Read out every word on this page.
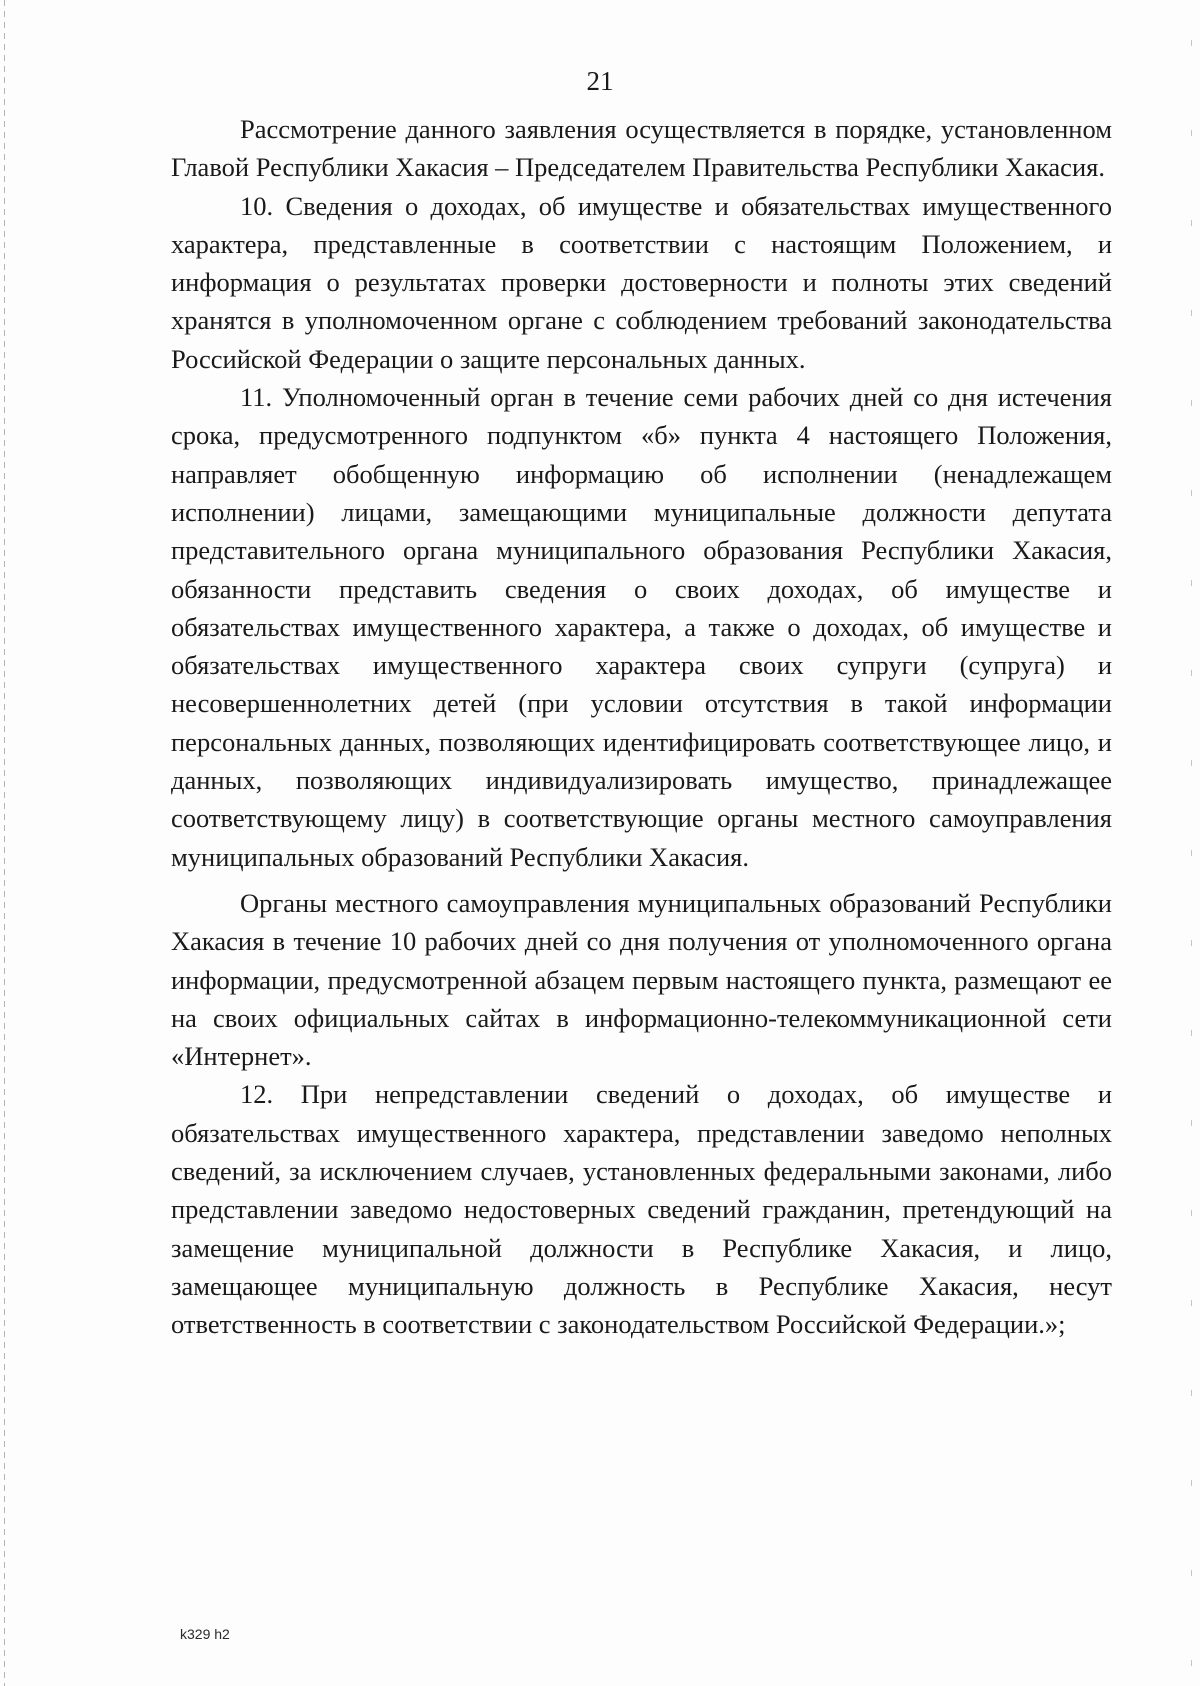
21

Рассмотрение данного заявления осуществляется в порядке, установленном Главой Республики Хакасия – Председателем Правительства Республики Хакасия.

10. Сведения о доходах, об имуществе и обязательствах имущественного характера, представленные в соответствии с настоящим Положением, и информация о результатах проверки достоверности и полноты этих сведений хранятся в уполномоченном органе с соблюдением требований законодательства Российской Федерации о защите персональных данных.

11. Уполномоченный орган в течение семи рабочих дней со дня истечения срока, предусмотренного подпунктом «б» пункта 4 настоящего Положения, направляет обобщенную информацию об исполнении (ненадлежащем исполнении) лицами, замещающими муниципальные должности депутата представительного органа муниципального образования Республики Хакасия, обязанности представить сведения о своих доходах, об имуществе и обязательствах имущественного характера, а также о доходах, об имуществе и обязательствах имущественного характера своих супруги (супруга) и несовершеннолетних детей (при условии отсутствия в такой информации персональных данных, позволяющих идентифицировать соответствующее лицо, и данных, позволяющих индивидуализировать имущество, принадлежащее соответствующему лицу) в соответствующие органы местного самоуправления муниципальных образований Республики Хакасия.

Органы местного самоуправления муниципальных образований Республики Хакасия в течение 10 рабочих дней со дня получения от уполномоченного органа информации, предусмотренной абзацем первым настоящего пункта, размещают ее на своих официальных сайтах в информационно-телекоммуникационной сети «Интернет».

12. При непредставлении сведений о доходах, об имуществе и обязательствах имущественного характера, представлении заведомо неполных сведений, за исключением случаев, установленных федеральными законами, либо представлении заведомо недостоверных сведений гражданин, претендующий на замещение муниципальной должности в Республике Хакасия, и лицо, замещающее муниципальную должность в Республике Хакасия, несут ответственность в соответствии с законодательством Российской Федерации.»;

k329 h2
